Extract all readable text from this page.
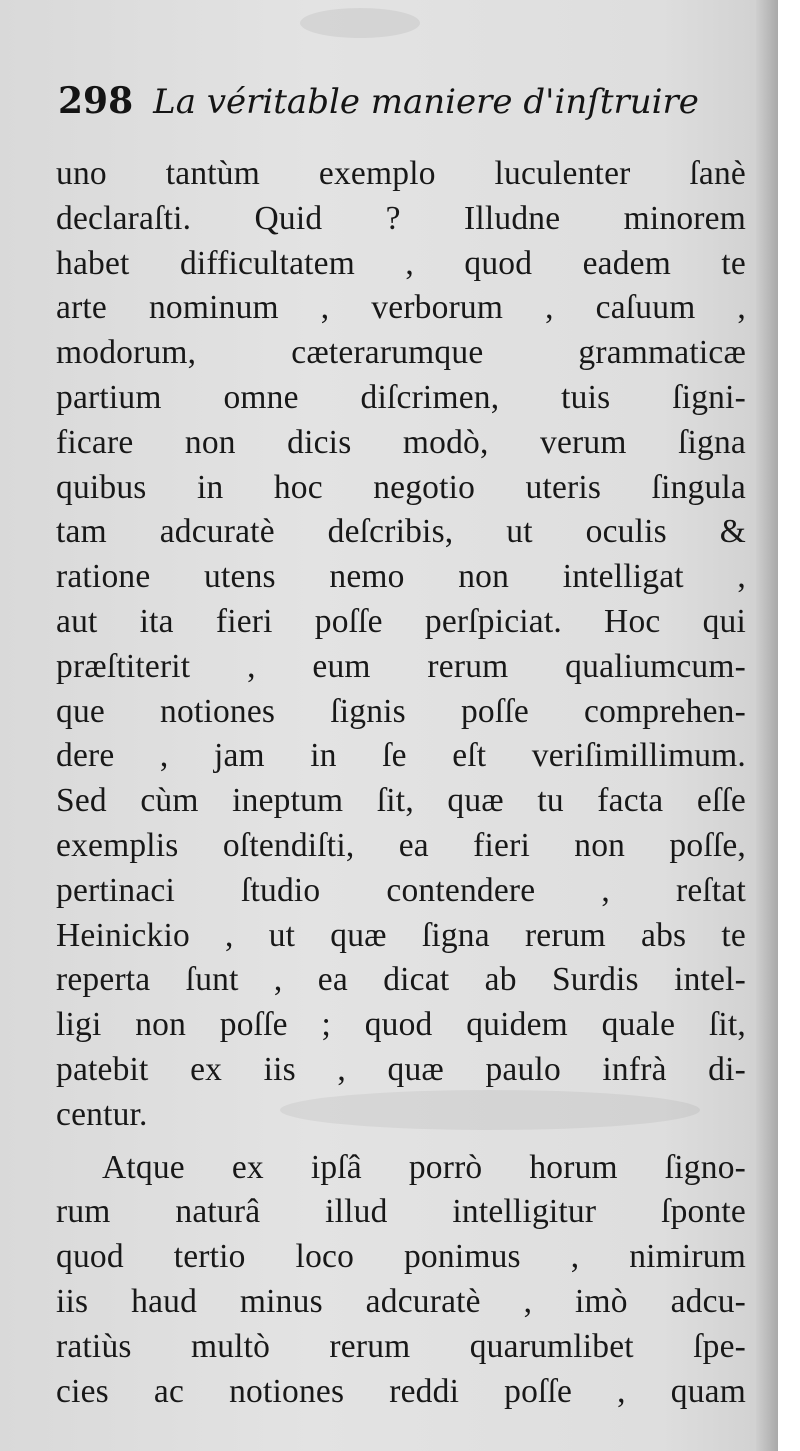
298 La véritable maniere d'inſtruire
uno tantùm exemplo luculenter ſanè
declaraſti. Quid ? Illudne minorem
habet difficultatem , quod eadem te
arte nominum , verborum , caſuum ,
modorum, cæterarumque grammaticæ
partium omne diſcrimen, tuis ſigni-
ficare non dicis modò, verum ſigna
quibus in hoc negotio uteris ſingula
tam adcuratè deſcribis, ut oculis &
ratione utens nemo non intelligat ,
aut ita fieri poſſe perſpiciat. Hoc qui
præſtiterit , eum rerum qualiumcum-
que notiones ſignis poſſe comprehen-
dere , jam in ſe eſt veriſimillimum.
Sed cùm ineptum ſit, quæ tu facta eſſe
exemplis oſtendiſti, ea fieri non poſſe,
pertinaci ſtudio contendere , reſtat
Heinickio , ut quæ ſigna rerum abs te
reperta ſunt , ea dicat ab Surdis intel-
ligi non poſſe ; quod quidem quale ſit,
patebit ex iis , quæ paulo infrà di-
centur.
Atque ex ipſâ porrò horum ſigno-
rum naturâ illud intelligitur ſponte
quod tertio loco ponimus , nimirum
iis haud minus adcuratè , imò adcu-
ratiùs multò rerum quarumlibet ſpe-
cies ac notiones reddi poſſe , quam
